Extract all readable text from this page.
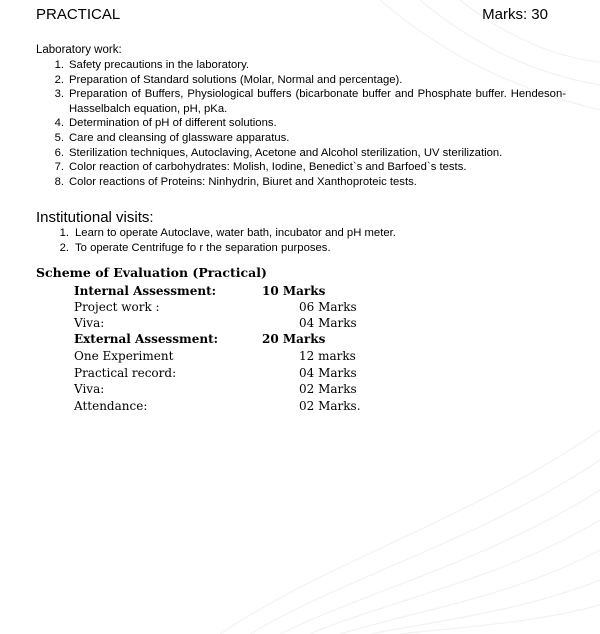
PRACTICAL	Marks: 30
Laboratory work:
1. Safety precautions in the laboratory.
2. Preparation of Standard solutions (Molar, Normal and percentage).
3. Preparation of Buffers, Physiological buffers (bicarbonate buffer and Phosphate buffer. Hendeson-Hasselbalch equation, pH, pKa.
4. Determination of pH of different solutions.
5. Care and cleansing of glassware apparatus.
6. Sterilization techniques, Autoclaving, Acetone and Alcohol sterilization, UV sterilization.
7. Color reaction of carbohydrates: Molish, Iodine, Benedict`s and Barfoed`s tests.
8. Color reactions of Proteins: Ninhydrin, Biuret and Xanthoproteic tests.
Institutional visits:
1. Learn to operate Autoclave, water bath, incubator and pH meter.
2. To operate Centrifuge fo r the separation purposes.
Scheme of Evaluation (Practical)
Internal Assessment:	10 Marks
Project work :	06 Marks
Viva:	04 Marks
External Assessment:	20 Marks
One Experiment	12 marks
Practical record:	04 Marks
Viva:	02 Marks
Attendance:	02 Marks.
